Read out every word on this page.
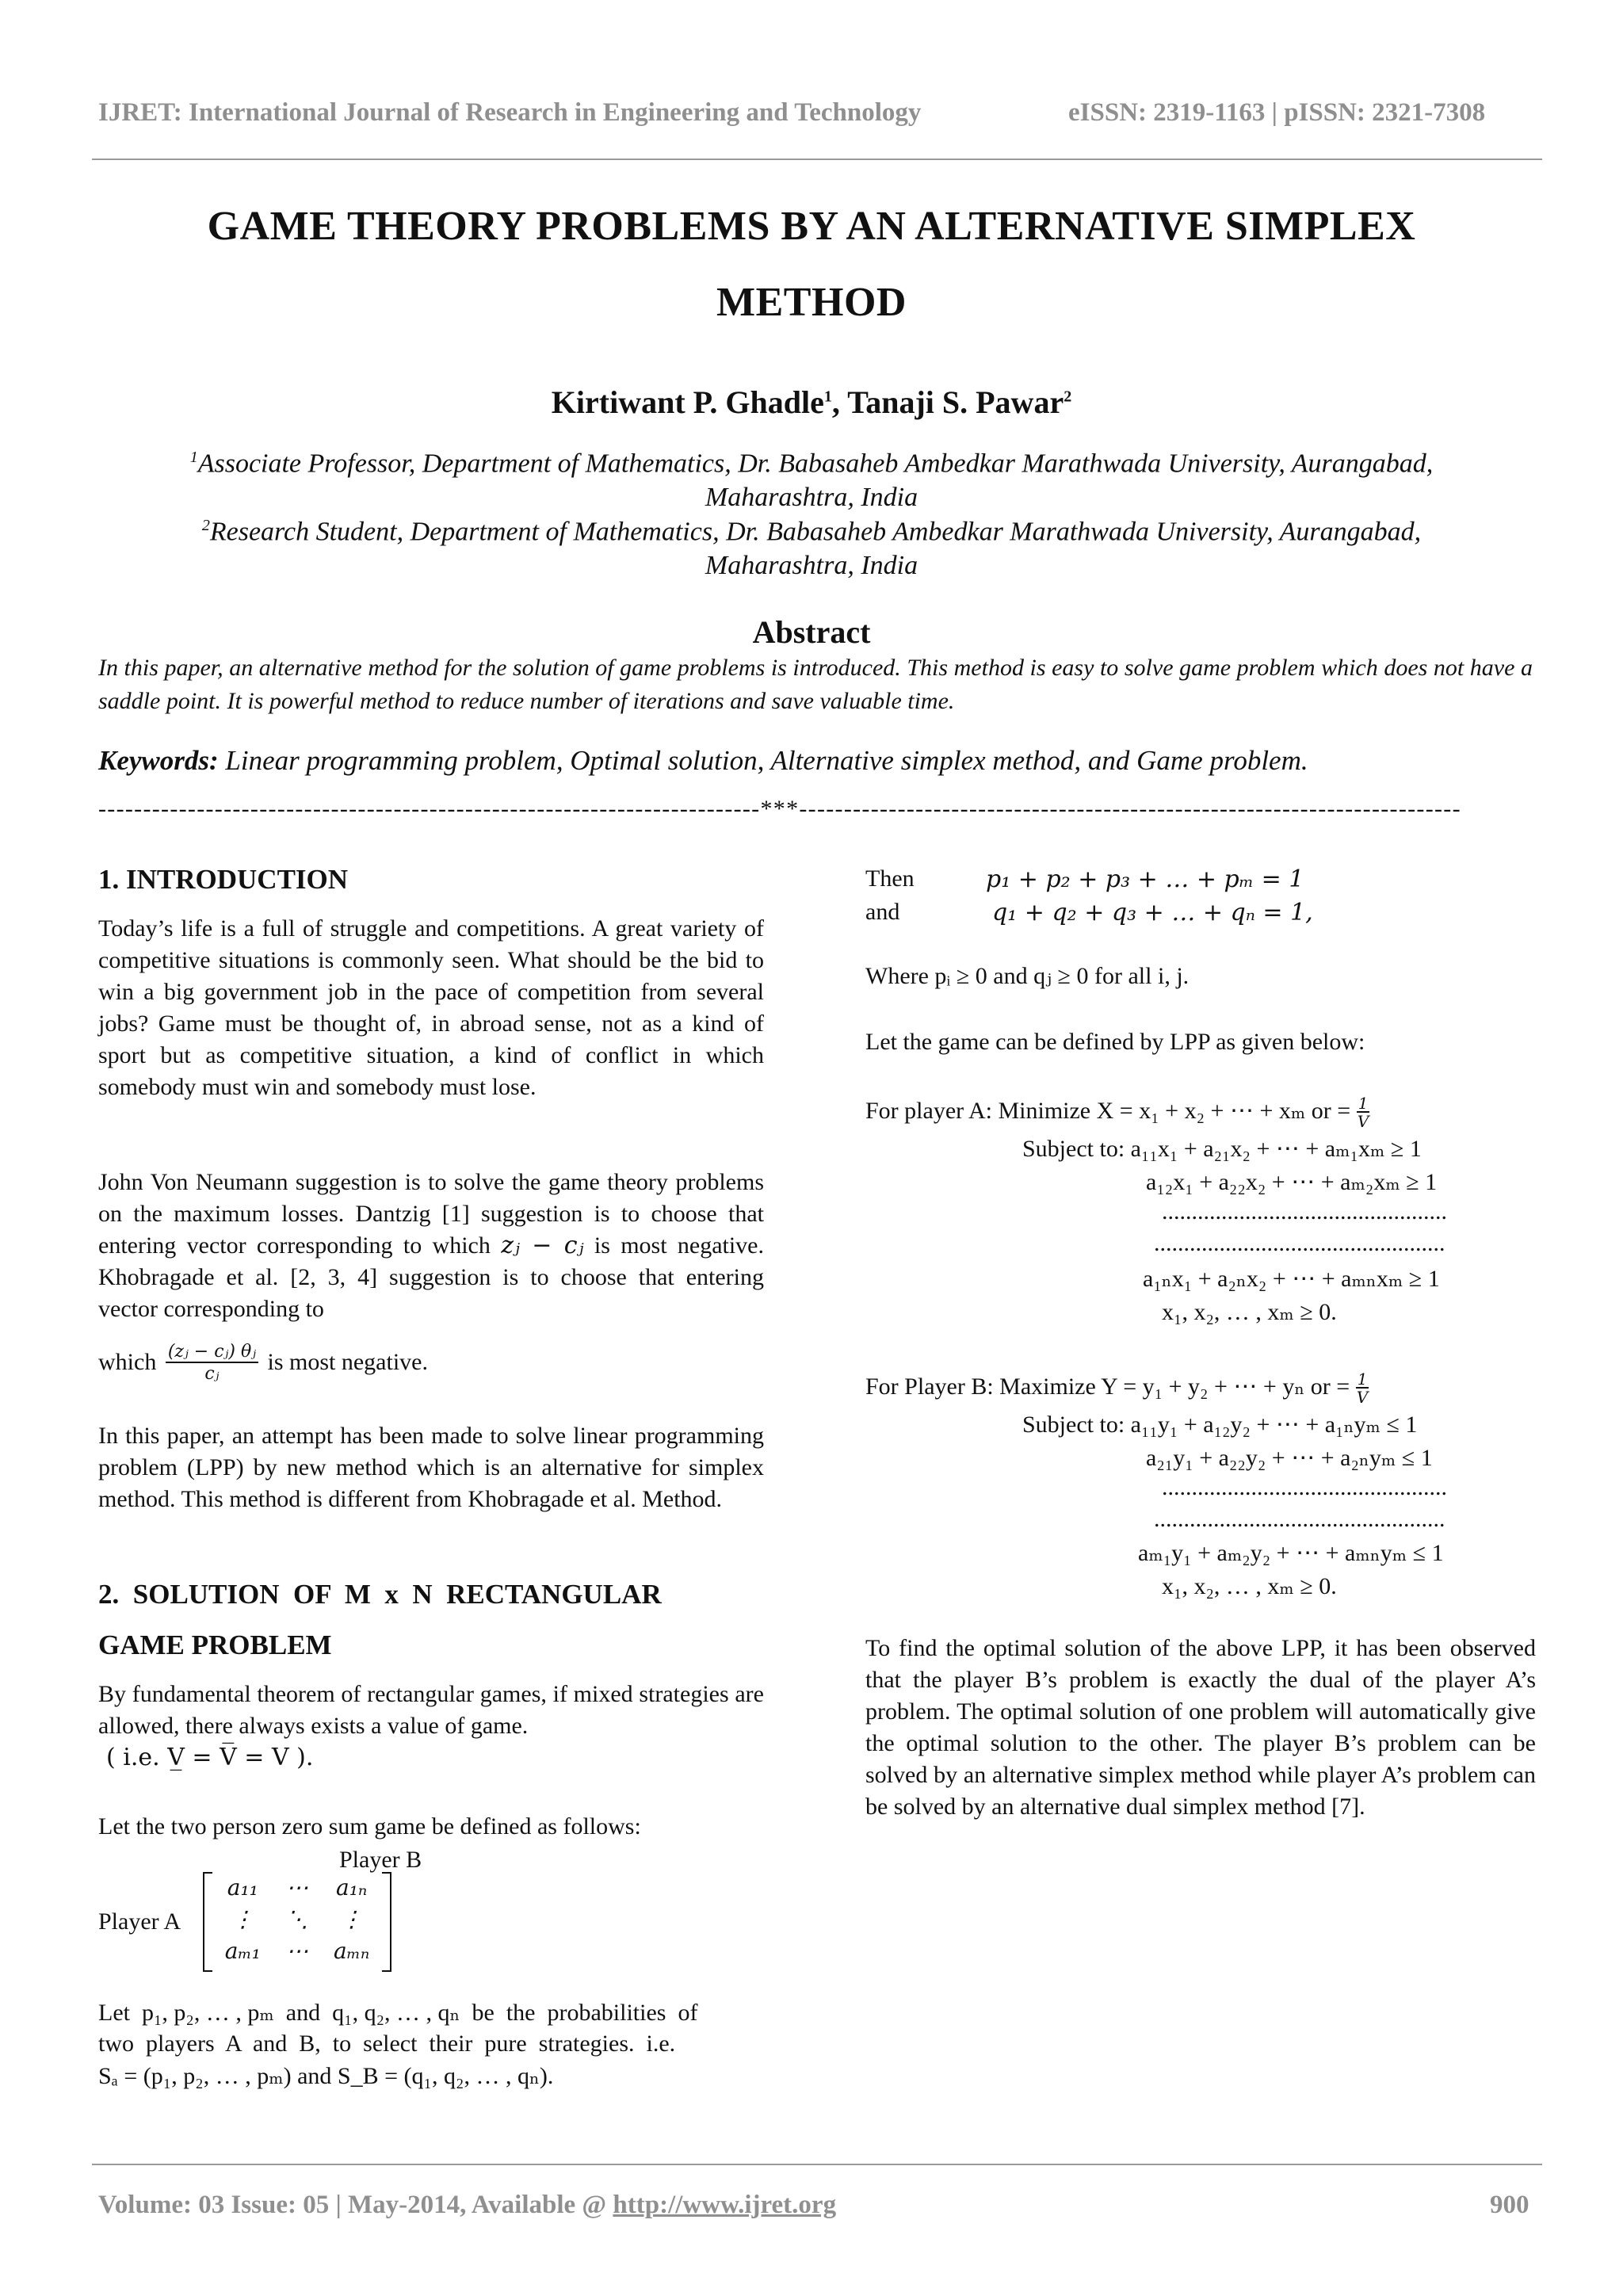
IJRET: International Journal of Research in Engineering and Technology	eISSN: 2319-1163 | pISSN: 2321-7308
GAME THEORY PROBLEMS BY AN ALTERNATIVE SIMPLEX
METHOD
Kirtiwant P. Ghadle$^1$, Tanaji S. Pawar$^2$
$^1$Associate Professor, Department of Mathematics, Dr. Babasaheb Ambedkar Marathwada University, Aurangabad,
Maharashtra, India
$^2$Research Student, Department of Mathematics, Dr. Babasaheb Ambedkar Marathwada University, Aurangabad,
Maharashtra, India
Abstract
In this paper, an alternative method for the solution of game problems is introduced. This method is easy to solve game problem which does not have a saddle point. It is powerful method to reduce number of iterations and save valuable time.
Keywords: Linear programming problem, Optimal solution, Alternative simplex method, and Game problem.
--------------------------------------------------------------------------***--------------------------------------------------------------------------
1. INTRODUCTION
Today’s life is a full of struggle and competitions. A great variety of competitive situations is commonly seen. What should be the bid to win a big government job in the pace of competition from several jobs? Game must be thought of, in abroad sense, not as a kind of sport but as competitive situation, a kind of conflict in which somebody must win and somebody must lose.
John Von Neumann suggestion is to solve the game theory problems on the maximum losses. Dantzig [1] suggestion is to choose that entering vector corresponding to which zⱼ − cⱼ is most negative. Khobragade et al. [2, 3, 4] suggestion is to choose that entering vector corresponding to
which $\frac{\text{(zⱼ − cⱼ) θⱼ}}{\text{cⱼ}}$ is most negative.
In this paper, an attempt has been made to solve linear programming problem (LPP) by new method which is an alternative for simplex method. This method is different from Khobragade et al. Method.
2.  SOLUTION  OF  M  x  N  RECTANGULAR
GAME PROBLEM
By fundamental theorem of rectangular games, if mixed strategies are allowed, there always exists a value of game.
( i.e. V̲ = V̅ = V ).
Let the two person zero sum game be defined as follows:
Player B
Player A
a₁₁	⋯	a₁ₙ
⋮	⋱	⋮
aₘ₁	⋯	aₘₙ
Let  p₁, p₂, … , pₘ  and  q₁, q₂, … , qₙ  be  the  probabilities  of
two  players  A  and  B,  to  select  their  pure  strategies.  i.e.
Sₐ = (p₁, p₂, … , pₘ) and S_B = (q₁, q₂, … , qₙ).
Then	p₁ + p₂ + p₃ + … + pₘ = 1
and	q₁ + q₂ + q₃ + … + qₙ = 1,
Where pᵢ ≥ 0 and qⱼ ≥ 0 for all i, j.
Let the game can be defined by LPP as given below:
For player A: Minimize X = x₁ + x₂ + ⋯ + xₘ or = $\frac{1}{V}$
Subject to: a₁₁x₁ + a₂₁x₂ + ⋯ + aₘ₁xₘ ≥ 1
a₁₂x₁ + a₂₂x₂ + ⋯ + aₘ₂xₘ ≥ 1
................................................
.................................................
a₁ₙx₁ + a₂ₙx₂ + ⋯ + aₘₙxₘ ≥ 1
x₁, x₂, … , xₘ ≥ 0.
For Player B: Maximize Y = y₁ + y₂ + ⋯ + yₙ or = $\frac{1}{V}$
Subject to: a₁₁y₁ + a₁₂y₂ + ⋯ + a₁ₙyₘ ≤ 1
a₂₁y₁ + a₂₂y₂ + ⋯ + a₂ₙyₘ ≤ 1
................................................
.................................................
aₘ₁y₁ + aₘ₂y₂ + ⋯ + aₘₙyₘ ≤ 1
x₁, x₂, … , xₘ ≥ 0.
To find the optimal solution of the above LPP, it has been observed that the player B’s problem is exactly the dual of the player A’s problem. The optimal solution of one problem will automatically give the optimal solution to the other. The player B’s problem can be solved by an alternative simplex method while player A’s problem can be solved by an alternative dual simplex method [7].
Volume: 03 Issue: 05 | May-2014, Available @ http://www.ijret.org	900
